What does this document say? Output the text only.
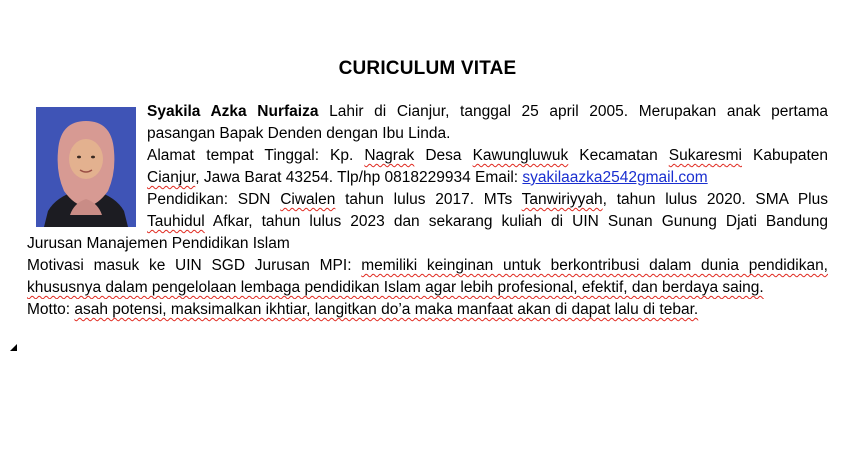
CURICULUM VITAE
Syakila Azka Nurfaiza Lahir di Cianjur, tanggal 25 april 2005. Merupakan anak pertama
pasangan Bapak Denden dengan Ibu Linda.
Alamat tempat Tinggal: Kp. Nagrak Desa Kawungluwuk Kecamatan Sukaresmi Kabupaten
Cianjur, Jawa Barat 43254. Tlp/hp 0818229934 Email: syakilaazka2542gmail.com
Pendidikan: SDN Ciwalen tahun lulus 2017. MTs Tanwiriyyah, tahun lulus 2020. SMA Plus
Tauhidul Afkar, tahun lulus 2023 dan sekarang kuliah di UIN Sunan Gunung Djati Bandung
Jurusan Manajemen Pendidikan Islam
Motivasi masuk ke UIN SGD Jurusan MPI: memiliki keinginan untuk berkontribusi dalam dunia pendidikan,
khususnya dalam pengelolaan lembaga pendidikan Islam agar lebih profesional, efektif, dan berdaya saing.
Motto: asah potensi, maksimalkan ikhtiar, langitkan do’a maka manfaat akan di dapat lalu di tebar.
